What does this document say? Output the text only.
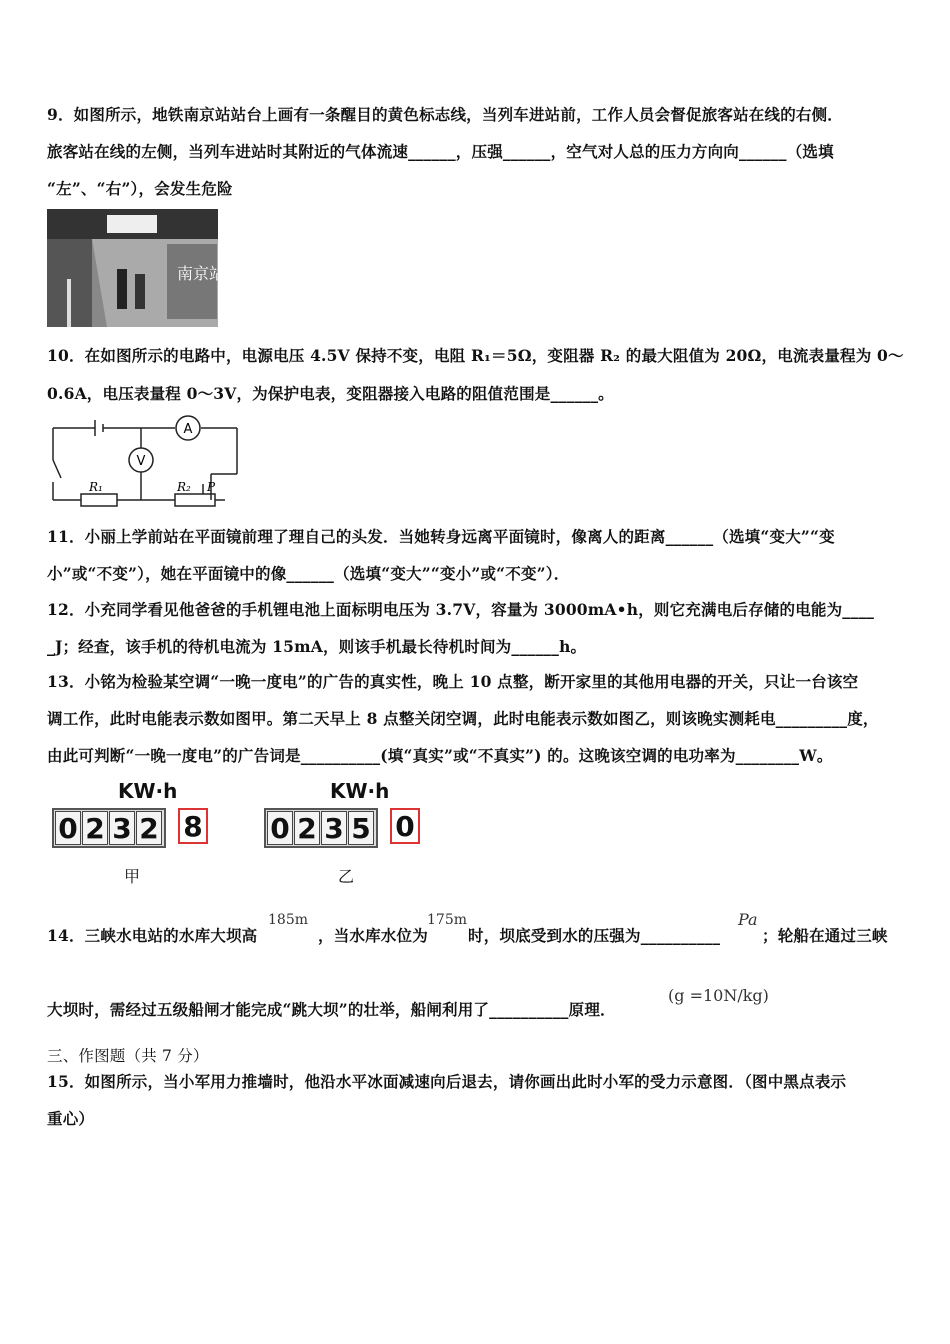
9．如图所示，地铁南京站站台上画有一条醒目的黄色标志线，当列车进站前，工作人员会督促旅客站在线的右侧．
旅客站在线的左侧，当列车进站时其附近的气体流速______，压强______，空气对人总的压力方向向______（选填
“左”、“右”），会发生危险
南京站
10．在如图所示的电路中，电源电压 4.5V 保持不变，电阻 R₁＝5Ω，变阻器 R₂ 的最大阻值为 20Ω，电流表量程为 0～
0.6A，电压表量程 0～3V，为保护电表，变阻器接入电路的阻值范围是______。
A
V
R₁	R₂ P
11．小丽上学前站在平面镜前理了理自己的头发．当她转身远离平面镜时，像离人的距离______（选填“变大”“变
小”或“不变”），她在平面镜中的像______（选填“变大”“变小”或“不变”）．
12．小充同学看见他爸爸的手机锂电池上面标明电压为 3.7V，容量为 3000mA•h，则它充满电后存储的电能为____
_J；经查，该手机的待机电流为 15mA，则该手机最长待机时间为______h。
13．小铭为检验某空调“一晚一度电”的广告的真实性，晚上 10 点整，断开家里的其他用电器的开关，只让一台该空
调工作，此时电能表示数如图甲。第二天早上 8 点整关闭空调，此时电能表示数如图乙，则该晚实测耗电_________度，
由此可判断“一晚一度电”的广告词是__________(填“真实”或“不真实”) 的。这晚该空调的电功率为________W。
KW·h
0 2 3 2 8
甲
KW·h
0 2 3 5 0
乙
14．三峡水电站的水库大坝高
185m
，当水库水位为
175m
时，坝底受到水的压强为__________
Pa
；轮船在通过三峡
大坝时，需经过五级船闸才能完成“跳大坝”的壮举，船闸利用了__________原理．
(g =10N/kg)
三、作图题（共 7 分）
15．如图所示，当小军用力推墙时，他沿水平冰面减速向后退去，请你画出此时小军的受力示意图．（图中黑点表示
重心）
